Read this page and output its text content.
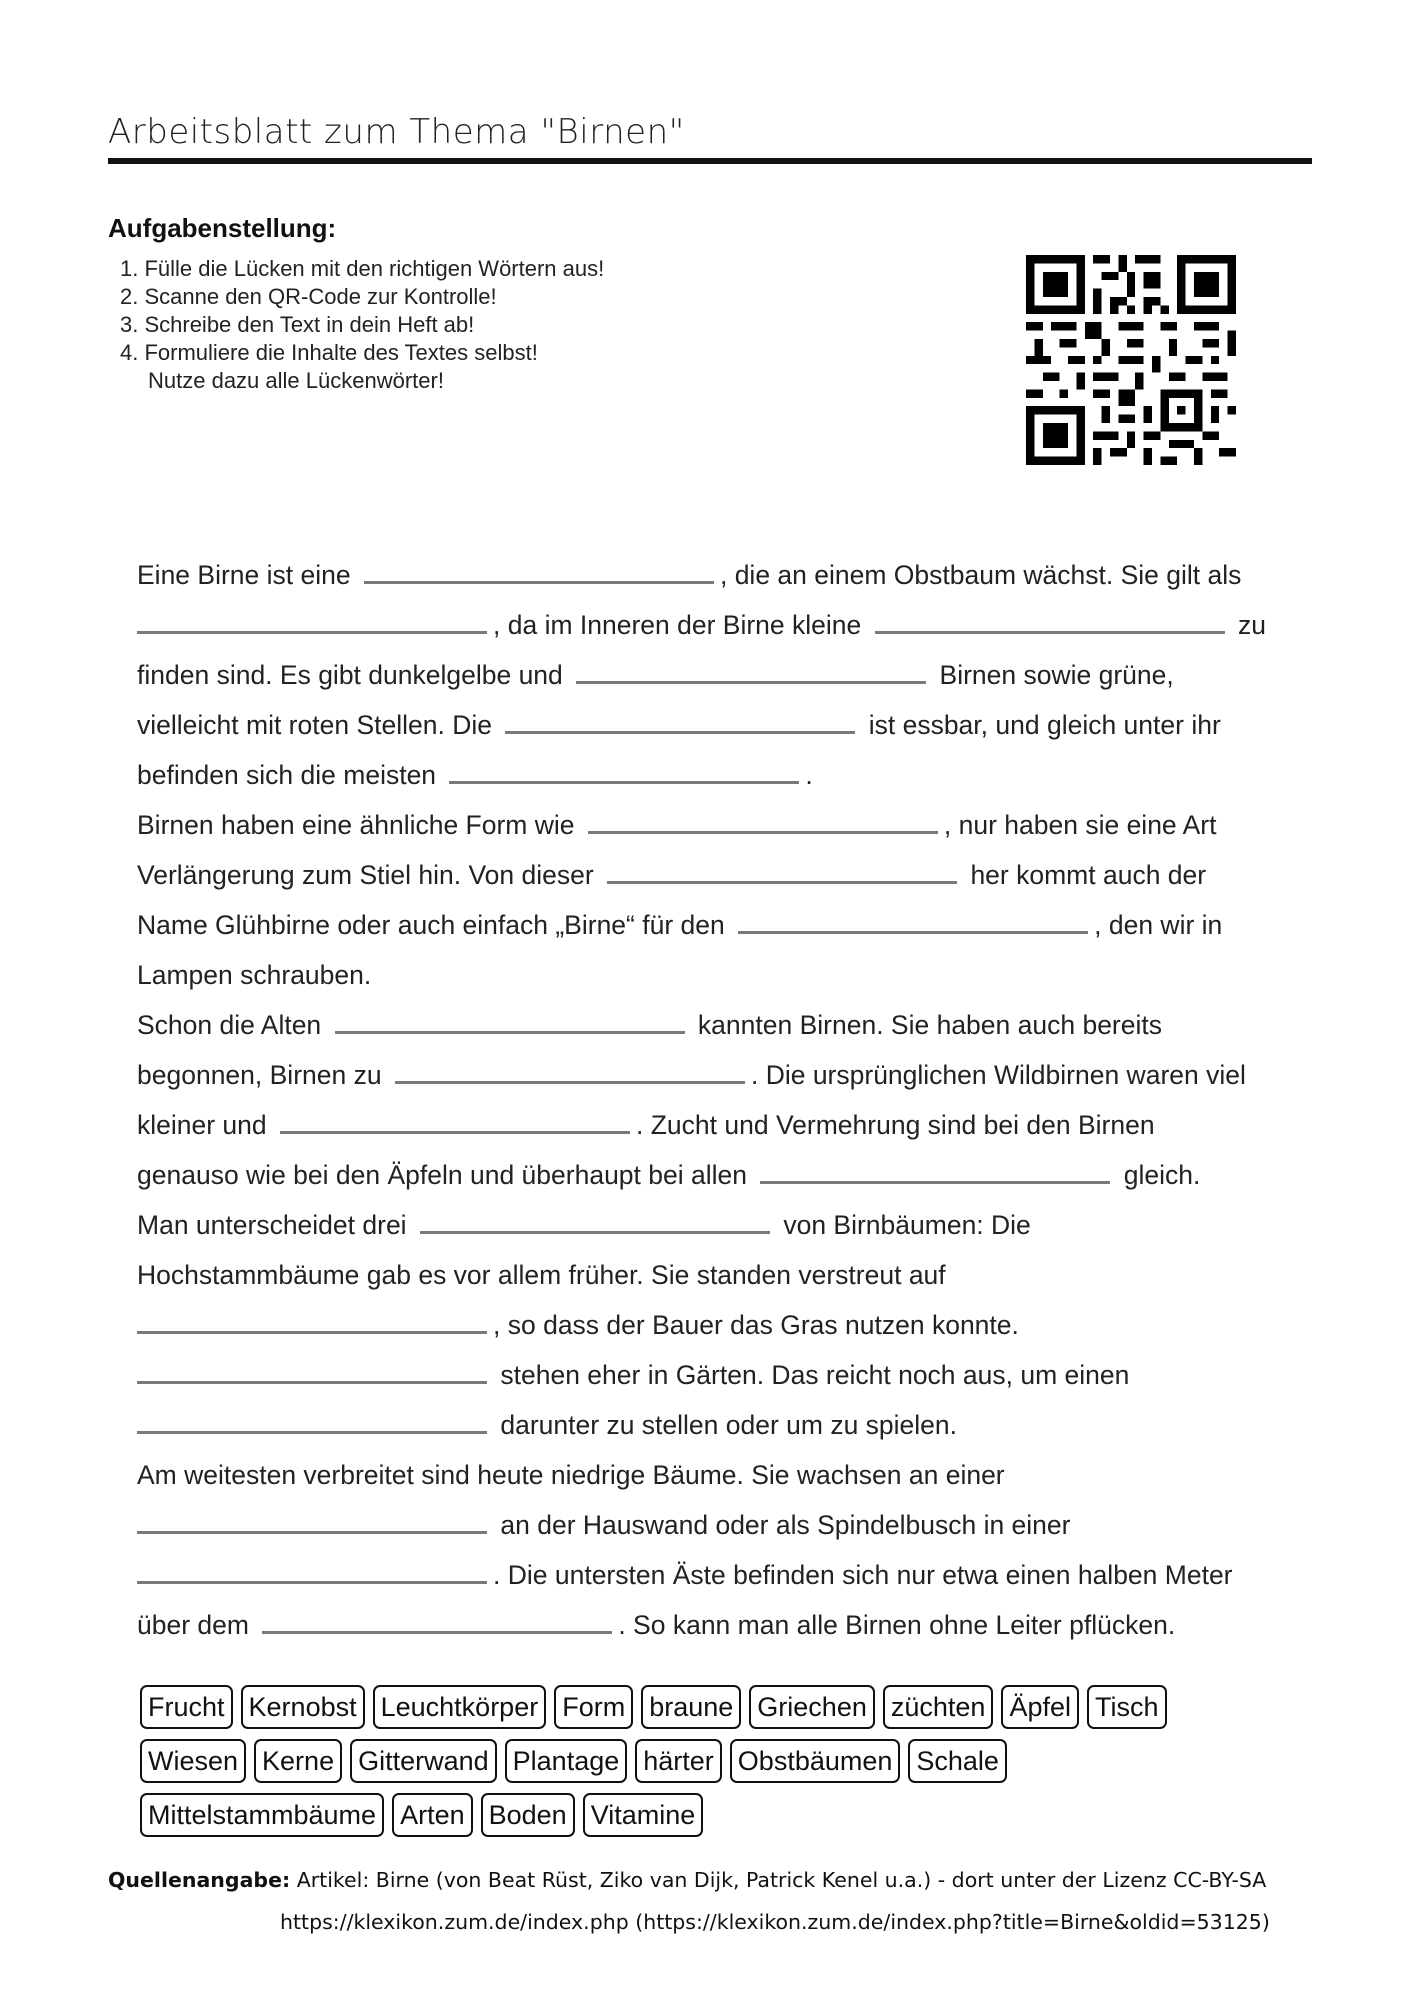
Arbeitsblatt zum Thema "Birnen"
Aufgabenstellung:
1. Fülle die Lücken mit den richtigen Wörtern aus!
2. Scanne den QR-Code zur Kontrolle!
3. Schreibe den Text in dein Heft ab!
4. Formuliere die Inhalte des Textes selbst!
Nutze dazu alle Lückenwörter!
Eine Birne ist eine	, die an einem Obstbaum wächst. Sie gilt als
, da im Inneren der Birne kleine	zu
finden sind. Es gibt dunkelgelbe und	Birnen sowie grüne,
vielleicht mit roten Stellen. Die	ist essbar, und gleich unter ihr
befinden sich die meisten	.
Birnen haben eine ähnliche Form wie	, nur haben sie eine Art
Verlängerung zum Stiel hin. Von dieser	her kommt auch der
Name Glühbirne oder auch einfach „Birne“ für den	, den wir in
Lampen schrauben.
Schon die Alten	kannten Birnen. Sie haben auch bereits
begonnen, Birnen zu	. Die ursprünglichen Wildbirnen waren viel
kleiner und	. Zucht und Vermehrung sind bei den Birnen
genauso wie bei den Äpfeln und überhaupt bei allen	gleich.
Man unterscheidet drei	von Birnbäumen: Die
Hochstammbäume gab es vor allem früher. Sie standen verstreut auf
, so dass der Bauer das Gras nutzen konnte.
stehen eher in Gärten. Das reicht noch aus, um einen
darunter zu stellen oder um zu spielen.
Am weitesten verbreitet sind heute niedrige Bäume. Sie wachsen an einer
an der Hauswand oder als Spindelbusch in einer
. Die untersten Äste befinden sich nur etwa einen halben Meter
über dem	. So kann man alle Birnen ohne Leiter pflücken.
Frucht Kernobst Leuchtkörper Form braune Griechen züchten Äpfel Tisch
Wiesen Kerne Gitterwand Plantage härter Obstbäumen Schale
Mittelstammbäume Arten Boden Vitamine
Quellenangabe: Artikel: Birne (von Beat Rüst, Ziko van Dijk, Patrick Kenel u.a.) - dort unter der Lizenz CC-BY-SA
https://klexikon.zum.de/index.php (https://klexikon.zum.de/index.php?title=Birne&oldid=53125)
